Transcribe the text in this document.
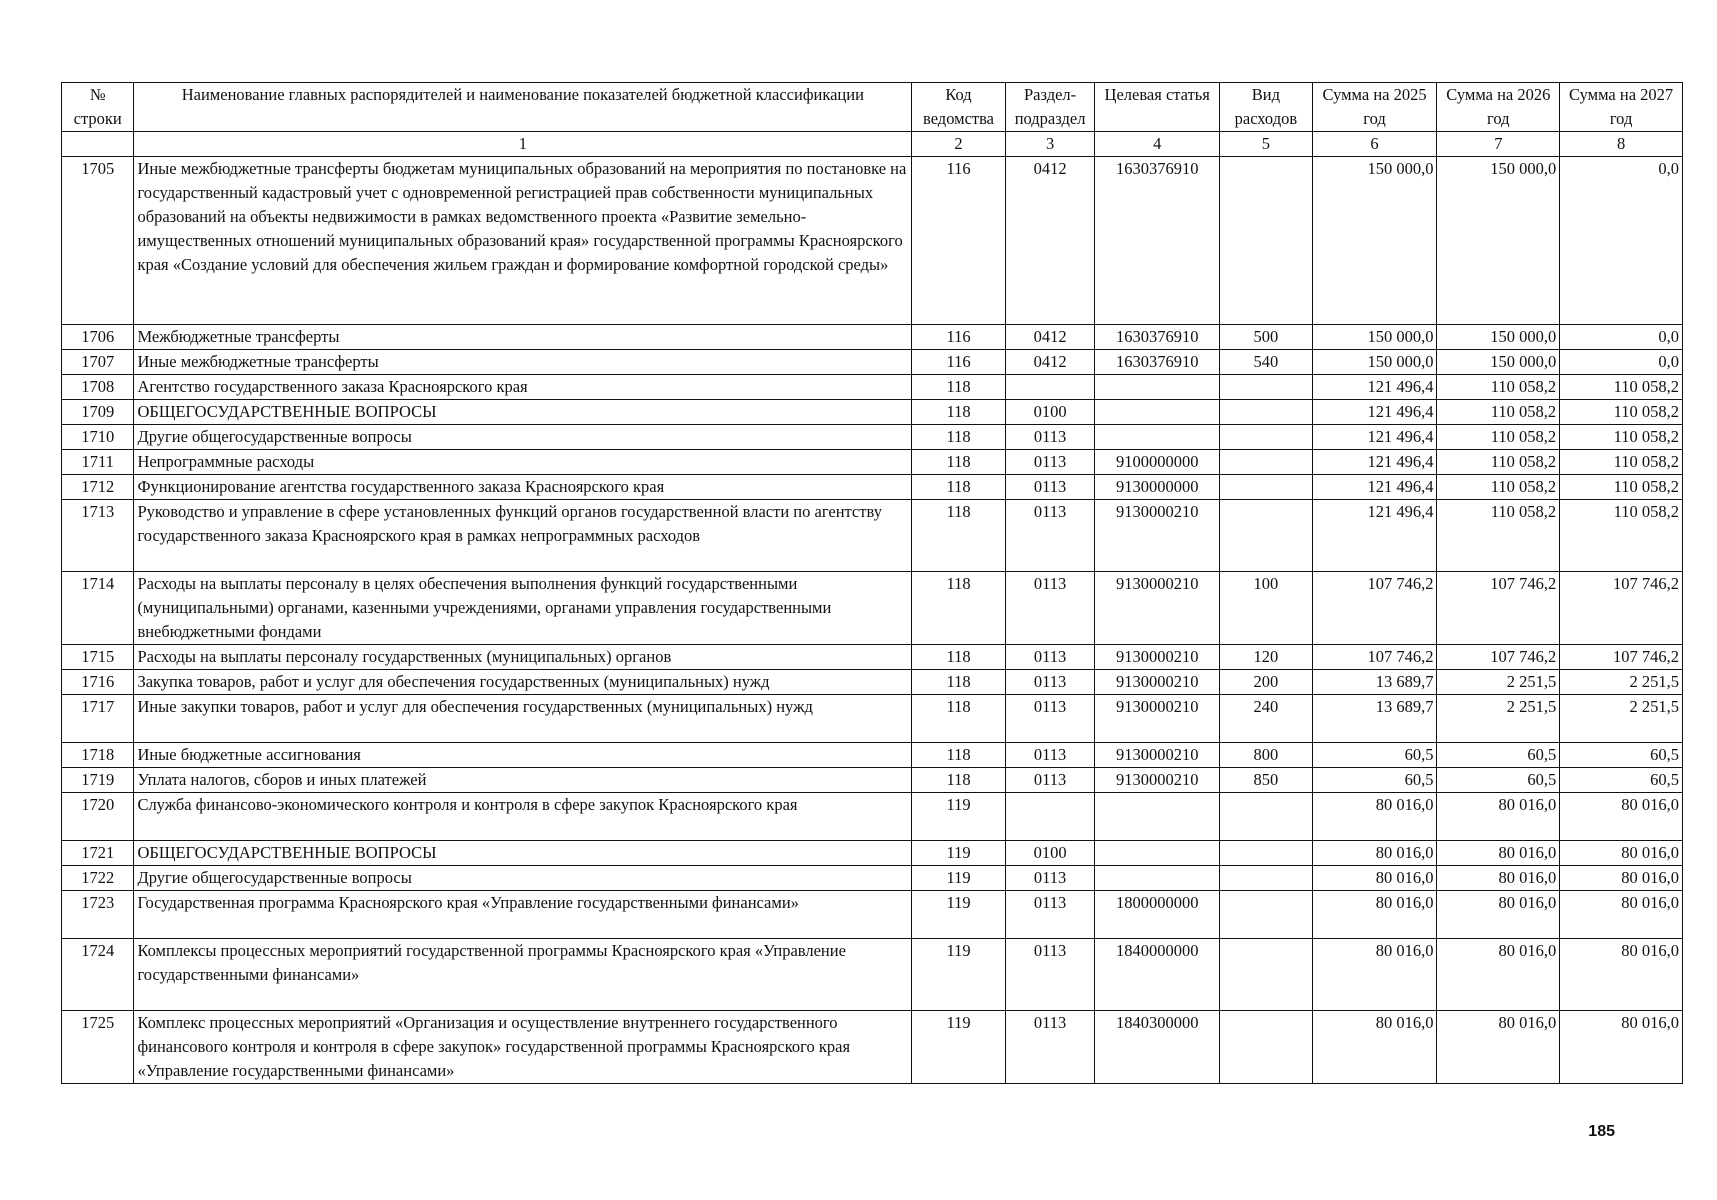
№ строки	Наименование главных распорядителей и наименование показателей бюджетной классификации	Код ведомства	Раздел-подраздел	Целевая статья	Вид расходов	Сумма на 2025 год	Сумма на 2026 год	Сумма на 2027 год
	1	2	3	4	5	6	7	8
1705	Иные межбюджетные трансферты бюджетам муниципальных образований на мероприятия по постановке на государственный кадастровый учет с одновременной регистрацией прав собственности муниципальных образований на объекты недвижимости в рамках ведомственного проекта «Развитие земельно-имущественных отношений муниципальных образований края» государственной программы Красноярского края «Создание условий для обеспечения жильем граждан и формирование комфортной городской среды»	116	0412	1630376910		150 000,0	150 000,0	0,0
1706	Межбюджетные трансферты	116	0412	1630376910	500	150 000,0	150 000,0	0,0
1707	Иные межбюджетные трансферты	116	0412	1630376910	540	150 000,0	150 000,0	0,0
1708	Агентство государственного заказа Красноярского края	118				121 496,4	110 058,2	110 058,2
1709	ОБЩЕГОСУДАРСТВЕННЫЕ ВОПРОСЫ	118	0100			121 496,4	110 058,2	110 058,2
1710	Другие общегосударственные вопросы	118	0113			121 496,4	110 058,2	110 058,2
1711	Непрограммные расходы	118	0113	9100000000		121 496,4	110 058,2	110 058,2
1712	Функционирование агентства государственного заказа Красноярского края	118	0113	9130000000		121 496,4	110 058,2	110 058,2
1713	Руководство и управление в сфере установленных функций органов государственной власти по агентству государственного заказа Красноярского края в рамках непрограммных расходов	118	0113	9130000210		121 496,4	110 058,2	110 058,2
1714	Расходы на выплаты персоналу в целях обеспечения выполнения функций государственными (муниципальными) органами, казенными учреждениями, органами управления государственными внебюджетными фондами	118	0113	9130000210	100	107 746,2	107 746,2	107 746,2
1715	Расходы на выплаты персоналу государственных (муниципальных) органов	118	0113	9130000210	120	107 746,2	107 746,2	107 746,2
1716	Закупка товаров, работ и услуг для обеспечения государственных (муниципальных) нужд	118	0113	9130000210	200	13 689,7	2 251,5	2 251,5
1717	Иные закупки товаров, работ и услуг для обеспечения государственных (муниципальных) нужд	118	0113	9130000210	240	13 689,7	2 251,5	2 251,5
1718	Иные бюджетные ассигнования	118	0113	9130000210	800	60,5	60,5	60,5
1719	Уплата налогов, сборов и иных платежей	118	0113	9130000210	850	60,5	60,5	60,5
1720	Служба финансово-экономического контроля и контроля в сфере закупок Красноярского края	119				80 016,0	80 016,0	80 016,0
1721	ОБЩЕГОСУДАРСТВЕННЫЕ ВОПРОСЫ	119	0100			80 016,0	80 016,0	80 016,0
1722	Другие общегосударственные вопросы	119	0113			80 016,0	80 016,0	80 016,0
1723	Государственная программа Красноярского края «Управление государственными финансами»	119	0113	1800000000		80 016,0	80 016,0	80 016,0
1724	Комплексы процессных мероприятий государственной программы Красноярского края «Управление государственными финансами»	119	0113	1840000000		80 016,0	80 016,0	80 016,0
1725	Комплекс процессных мероприятий «Организация и осуществление внутреннего государственного финансового контроля и контроля в сфере закупок» государственной программы Красноярского края «Управление государственными финансами»	119	0113	1840300000		80 016,0	80 016,0	80 016,0
185
